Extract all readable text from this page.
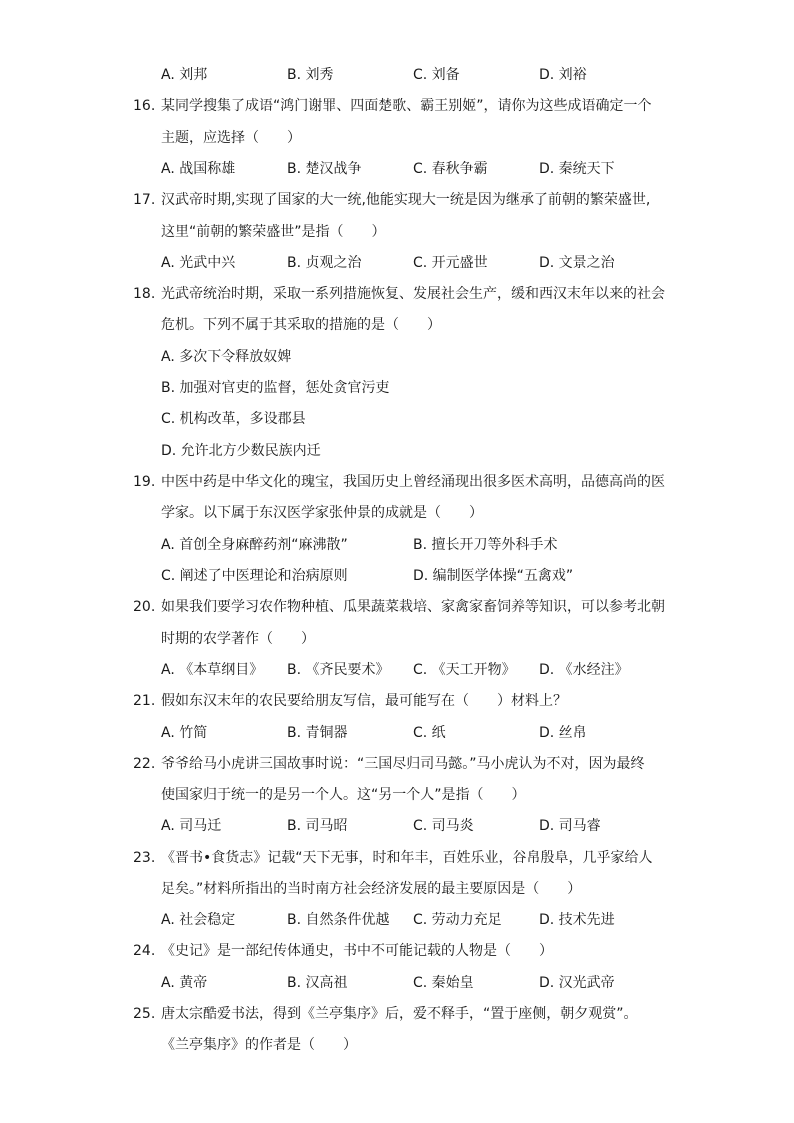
A. 刘邦	B. 刘秀	C. 刘备	D. 刘裕
16. 某同学搜集了成语“鸿门谢罪、四面楚歌、霸王别姬”，请你为这些成语确定一个
主题，应选择（　　）
A. 战国称雄	B. 楚汉战争	C. 春秋争霸	D. 秦统天下
17. 汉武帝时期,实现了国家的大一统,他能实现大一统是因为继承了前朝的繁荣盛世,
这里“前朝的繁荣盛世”是指（　　）
A. 光武中兴	B. 贞观之治	C. 开元盛世	D. 文景之治
18. 光武帝统治时期，采取一系列措施恢复、发展社会生产，缓和西汉末年以来的社会
危机。下列不属于其采取的措施的是（　　）
A. 多次下令释放奴婢
B. 加强对官吏的监督，惩处贪官污吏
C. 机构改革，多设郡县
D. 允许北方少数民族内迁
19. 中医中药是中华文化的瑰宝，我国历史上曾经涌现出很多医术高明，品德高尚的医
学家。以下属于东汉医学家张仲景的成就是（　　）
A. 首创全身麻醉药剂“麻沸散”	B. 擅长开刀等外科手术
C. 阐述了中医理论和治病原则	D. 编制医学体操“五禽戏”
20. 如果我们要学习农作物种植、瓜果蔬菜栽培、家禽家畜饲养等知识，可以参考北朝
时期的农学著作（　　）
A. 《本草纲目》 B. 《齐民要术》 C. 《天工开物》 D. 《水经注》
21. 假如东汉末年的农民要给朋友写信，最可能写在（　　）材料上？
A. 竹简	B. 青铜器	C. 纸	D. 丝帛
22. 爷爷给马小虎讲三国故事时说：“三国尽归司马懿。”马小虎认为不对，因为最终
使国家归于统一的是另一个人。这“另一个人”是指（　　）
A. 司马迁	B. 司马昭	C. 司马炎	D. 司马睿
23. 《晋书•食货志》记载“天下无事，时和年丰，百姓乐业，谷帛殷阜，几乎家给人
足矣。”材料所指出的当时南方社会经济发展的最主要原因是（　　）
A. 社会稳定	B. 自然条件优越 C. 劳动力充足	D. 技术先进
24. 《史记》是一部纪传体通史，书中不可能记载的人物是（　　）
A. 黄帝	B. 汉高祖	C. 秦始皇	D. 汉光武帝
25. 唐太宗酷爱书法，得到《兰亭集序》后，爱不释手，“置于座侧，朝夕观赏”。
《兰亭集序》的作者是（　　）
